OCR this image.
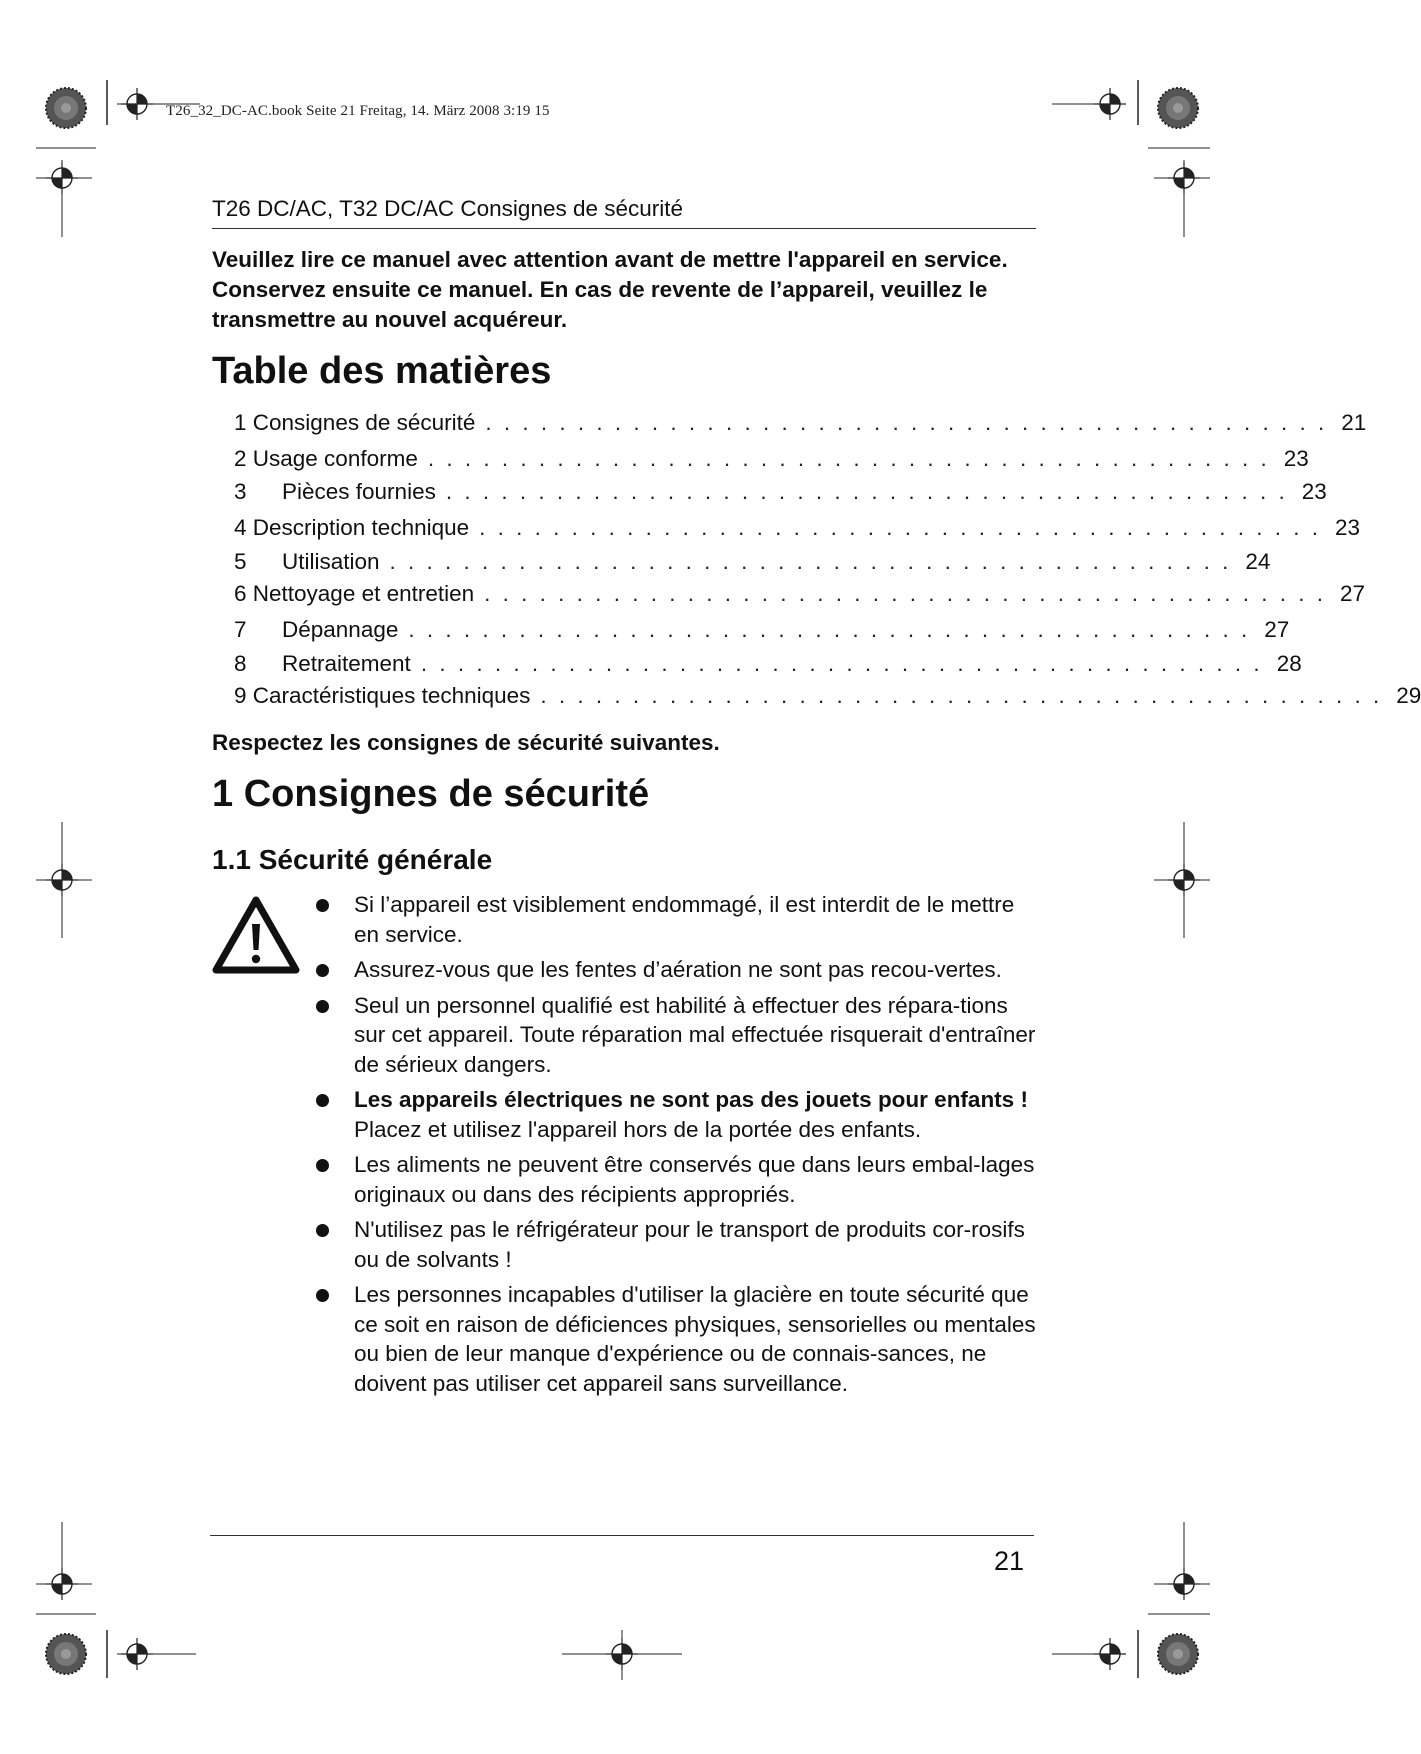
T26_32_DC-AC.book Seite 21 Freitag, 14. März 2008 3:19 15
T26 DC/AC, T32 DC/AC Consignes de sécurité
Veuillez lire ce manuel avec attention avant de mettre l'appareil en service. Conservez ensuite ce manuel. En cas de revente de l’appareil, veuillez le transmettre au nouvel acquéreur.
Table des matières
1 Consignes de sécurité . . . . . . . . . . . . . . . . . . . . . . . . . . . . . . . . . . . . . . . . . . . . . . 21
2 Usage conforme . . . . . . . . . . . . . . . . . . . . . . . . . . . . . . . . . . . . . . . . . . . . . . 23
3 Pièces fournies . . . . . . . . . . . . . . . . . . . . . . . . . . . . . . . . . . . . . . . . . . . . . . 23
4 Description technique . . . . . . . . . . . . . . . . . . . . . . . . . . . . . . . . . . . . . . . . . . . . . . 23
5 Utilisation . . . . . . . . . . . . . . . . . . . . . . . . . . . . . . . . . . . . . . . . . . . . . . 24
6 Nettoyage et entretien . . . . . . . . . . . . . . . . . . . . . . . . . . . . . . . . . . . . . . . . . . . . . . 27
7 Dépannage . . . . . . . . . . . . . . . . . . . . . . . . . . . . . . . . . . . . . . . . . . . . . . 27
8 Retraitement . . . . . . . . . . . . . . . . . . . . . . . . . . . . . . . . . . . . . . . . . . . . . . 28
9 Caractéristiques techniques . . . . . . . . . . . . . . . . . . . . . . . . . . . . . . . . . . . . . . . . . . . . . . 29
Respectez les consignes de sécurité suivantes.
1 Consignes de sécurité
1.1 Sécurité générale
Si l’appareil est visiblement endommagé, il est interdit de le mettre en service.
Assurez-vous que les fentes d’aération ne sont pas recou-vertes.
Seul un personnel qualifié est habilité à effectuer des répara-tions sur cet appareil. Toute réparation mal effectuée risquerait d'entraîner de sérieux dangers.
Les appareils électriques ne sont pas des jouets pour enfants !
Placez et utilisez l'appareil hors de la portée des enfants.
Les aliments ne peuvent être conservés que dans leurs embal-lages originaux ou dans des récipients appropriés.
N'utilisez pas le réfrigérateur pour le transport de produits cor-rosifs ou de solvants !
Les personnes incapables d'utiliser la glacière en toute sécurité que ce soit en raison de déficiences physiques, sensorielles ou mentales ou bien de leur manque d'expérience ou de connais-sances, ne doivent pas utiliser cet appareil sans surveillance.
21
